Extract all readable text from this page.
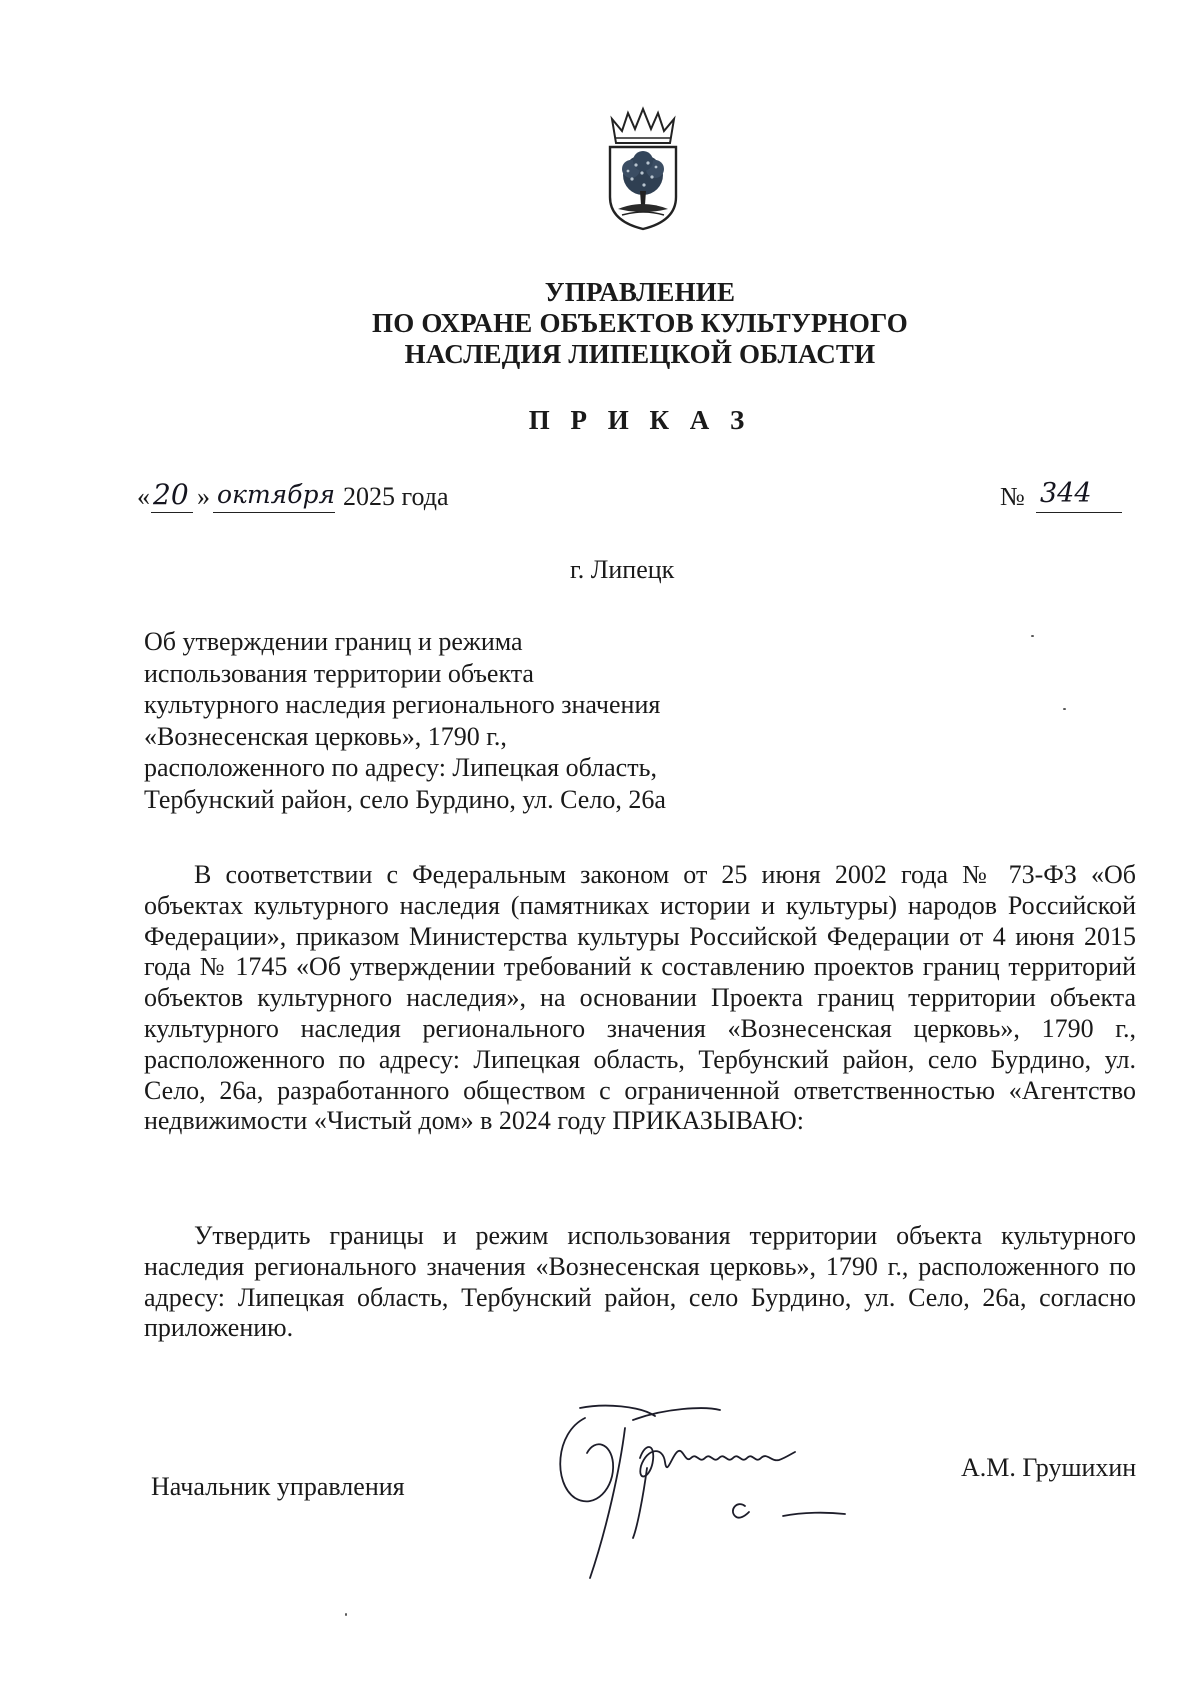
УПРАВЛЕНИЕ
ПО ОХРАНЕ ОБЪЕКТОВ КУЛЬТУРНОГО
НАСЛЕДИЯ ЛИПЕЦКОЙ ОБЛАСТИ
П Р И К А З
« 20 » октября 2025 года	№ 344
г. Липецк
Об утверждении границ и режима
использования территории объекта
культурного наследия регионального значения
«Вознесенская церковь», 1790 г.,
расположенного по адресу: Липецкая область,
Тербунский район, село Бурдино, ул. Село, 26а
В соответствии с Федеральным законом от 25 июня 2002 года № 73-ФЗ «Об объектах культурного наследия (памятниках истории и культуры) народов Российской Федерации», приказом Министерства культуры Российской Федерации от 4 июня 2015 года № 1745 «Об утверждении требований к составлению проектов границ территорий объектов культурного наследия», на основании Проекта границ территории объекта культурного наследия регионального значения «Вознесенская церковь», 1790 г., расположенного по адресу: Липецкая область, Тербунский район, село Бурдино, ул. Село, 26а, разработанного обществом с ограниченной ответственностью «Агентство недвижимости «Чистый дом» в 2024 году ПРИКАЗЫВАЮ:
Утвердить границы и режим использования территории объекта культурного наследия регионального значения «Вознесенская церковь», 1790 г., расположенного по адресу: Липецкая область, Тербунский район, село Бурдино, ул. Село, 26а, согласно приложению.
Начальник управления
А.М. Грушихин
